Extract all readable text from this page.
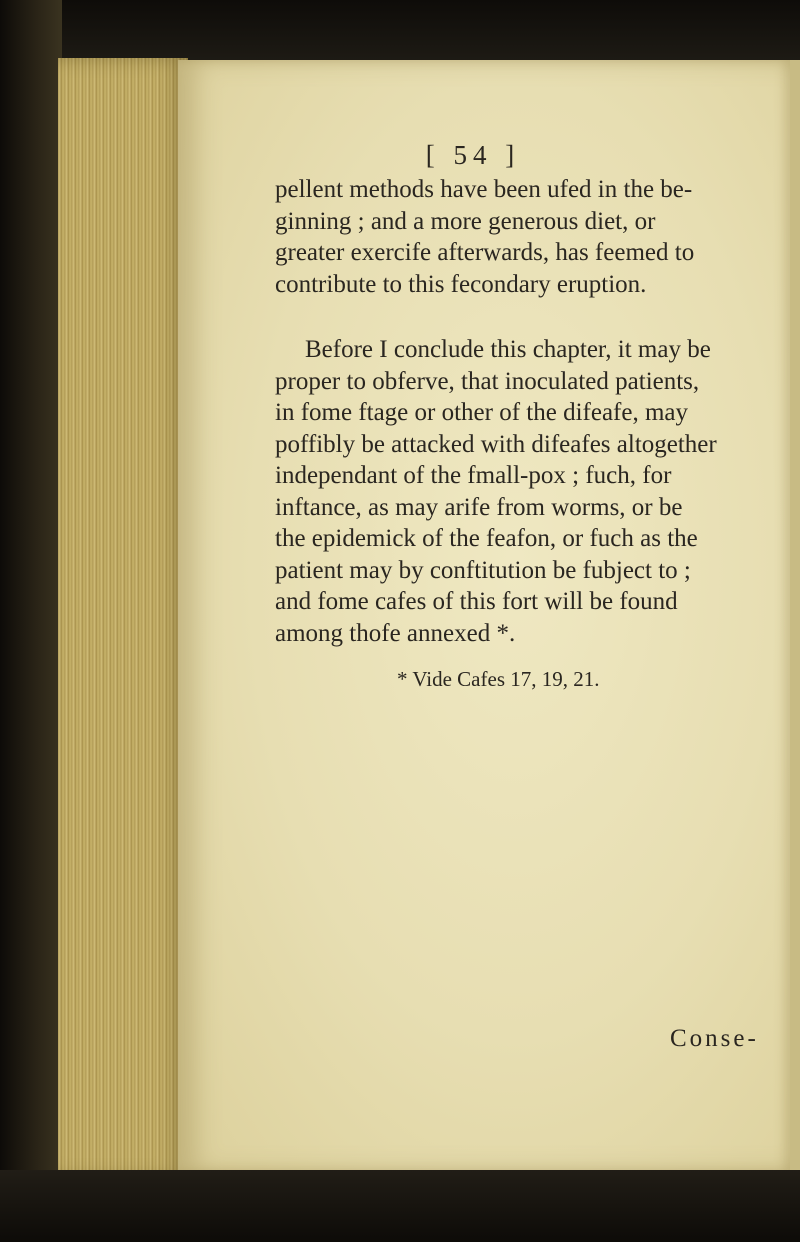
[ 54 ]

pellent methods have been ufed in the be-
ginning ; and a more generous diet, or
greater exercife afterwards, has feemed to
contribute to this fecondary eruption.

Before I conclude this chapter, it may be
proper to obferve, that inoculated patients,
in fome ftage or other of the difeafe, may
poffibly be attacked with difeafes altogether
independant of the fmall-pox ; fuch, for
inftance, as may arife from worms, or be
the epidemick of the feafon, or fuch as the
patient may by conftitution be fubject to ;
and fome cafes of this fort will be found
among thofe annexed *.

* Vide Cafes 17, 19, 21.
Conse-
